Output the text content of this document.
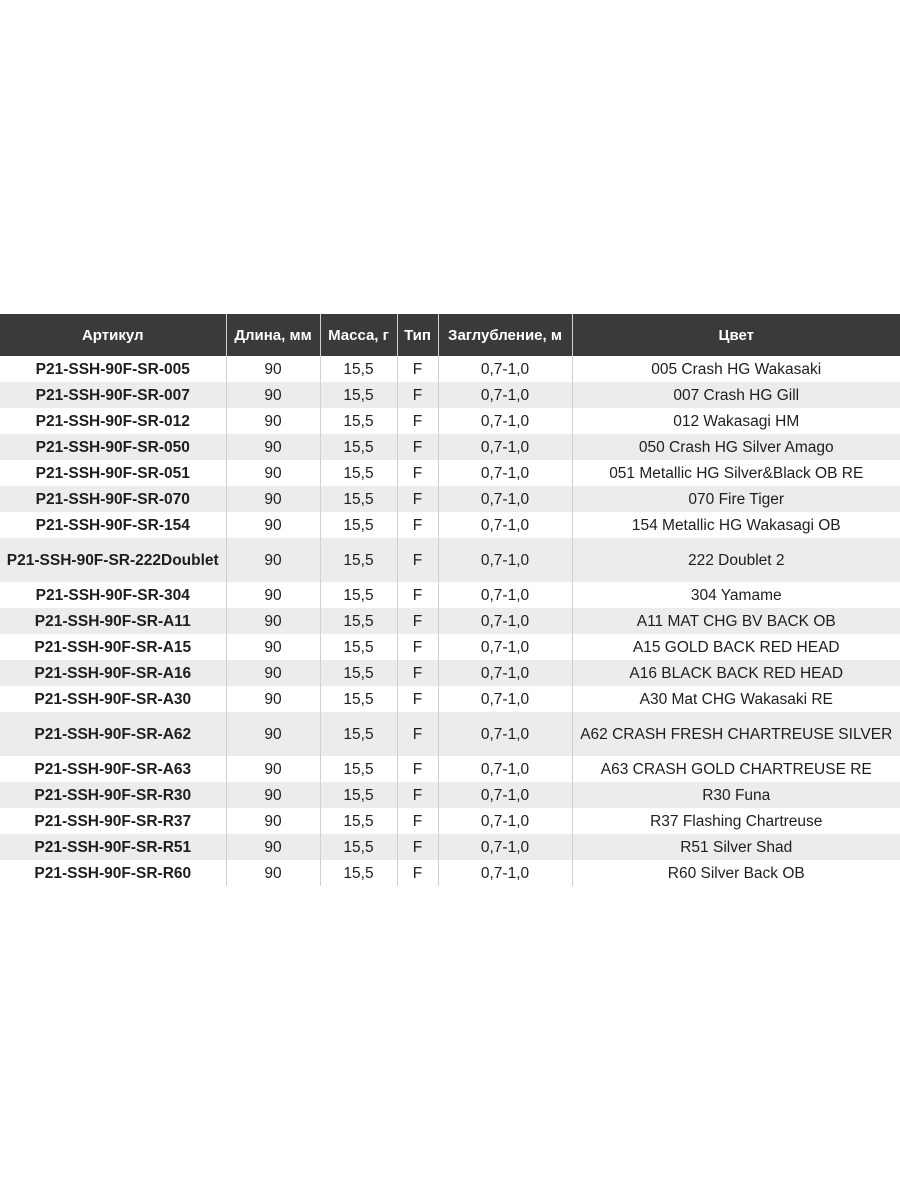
Артикул	Длина, мм	Масса, г	Тип	Заглубление, м	Цвет
P21-SSH-90F-SR-005	90	15,5	F	0,7-1,0	005 Crash HG Wakasaki
P21-SSH-90F-SR-007	90	15,5	F	0,7-1,0	007 Crash HG Gill
P21-SSH-90F-SR-012	90	15,5	F	0,7-1,0	012 Wakasagi HM
P21-SSH-90F-SR-050	90	15,5	F	0,7-1,0	050 Crash HG Silver Amago
P21-SSH-90F-SR-051	90	15,5	F	0,7-1,0	051 Metallic HG Silver&Black OB RE
P21-SSH-90F-SR-070	90	15,5	F	0,7-1,0	070 Fire Tiger
P21-SSH-90F-SR-154	90	15,5	F	0,7-1,0	154 Metallic HG Wakasagi OB
P21-SSH-90F-SR-222Doublet	90	15,5	F	0,7-1,0	222 Doublet 2
P21-SSH-90F-SR-304	90	15,5	F	0,7-1,0	304 Yamame
P21-SSH-90F-SR-A11	90	15,5	F	0,7-1,0	A11 MAT CHG BV BACK OB
P21-SSH-90F-SR-A15	90	15,5	F	0,7-1,0	A15 GOLD BACK RED HEAD
P21-SSH-90F-SR-A16	90	15,5	F	0,7-1,0	A16 BLACK BACK RED HEAD
P21-SSH-90F-SR-A30	90	15,5	F	0,7-1,0	A30 Mat CHG Wakasaki RE
P21-SSH-90F-SR-A62	90	15,5	F	0,7-1,0	A62 CRASH FRESH CHARTREUSE SILVER
P21-SSH-90F-SR-A63	90	15,5	F	0,7-1,0	A63 CRASH GOLD CHARTREUSE RE
P21-SSH-90F-SR-R30	90	15,5	F	0,7-1,0	R30 Funa
P21-SSH-90F-SR-R37	90	15,5	F	0,7-1,0	R37 Flashing Chartreuse
P21-SSH-90F-SR-R51	90	15,5	F	0,7-1,0	R51 Silver Shad
P21-SSH-90F-SR-R60	90	15,5	F	0,7-1,0	R60 Silver Back OB
